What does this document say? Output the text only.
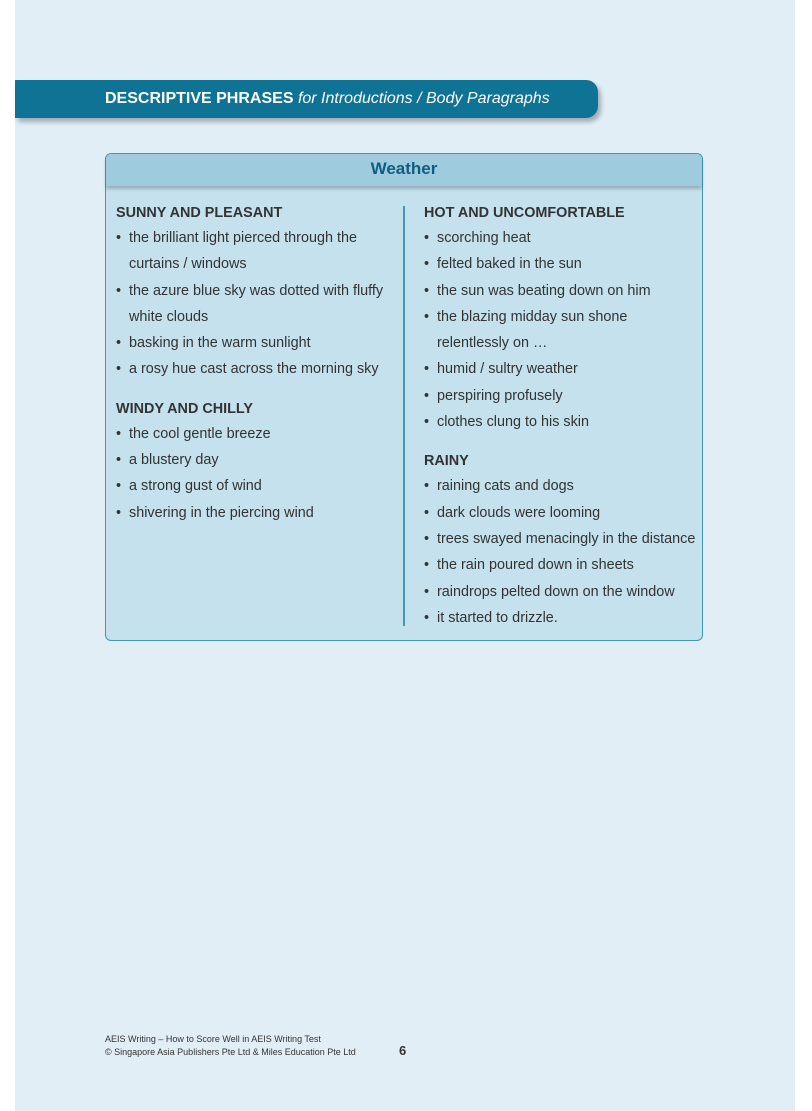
DESCRIPTIVE PHRASES for Introductions / Body Paragraphs
Weather
SUNNY AND PLEASANT
• the brilliant light pierced through the curtains / windows
• the azure blue sky was dotted with fluffy white clouds
• basking in the warm sunlight
• a rosy hue cast across the morning sky
WINDY AND CHILLY
• the cool gentle breeze
• a blustery day
• a strong gust of wind
• shivering in the piercing wind
HOT AND UNCOMFORTABLE
• scorching heat
• felted baked in the sun
• the sun was beating down on him
• the blazing midday sun shone relentlessly on …
• humid / sultry weather
• perspiring profusely
• clothes clung to his skin
RAINY
• raining cats and dogs
• dark clouds were looming
• trees swayed menacingly in the distance
• the rain poured down in sheets
• raindrops pelted down on the window
• it started to drizzle.
AEIS Writing – How to Score Well in AEIS Writing Test
© Singapore Asia Publishers Pte Ltd & Miles Education Pte Ltd	6
